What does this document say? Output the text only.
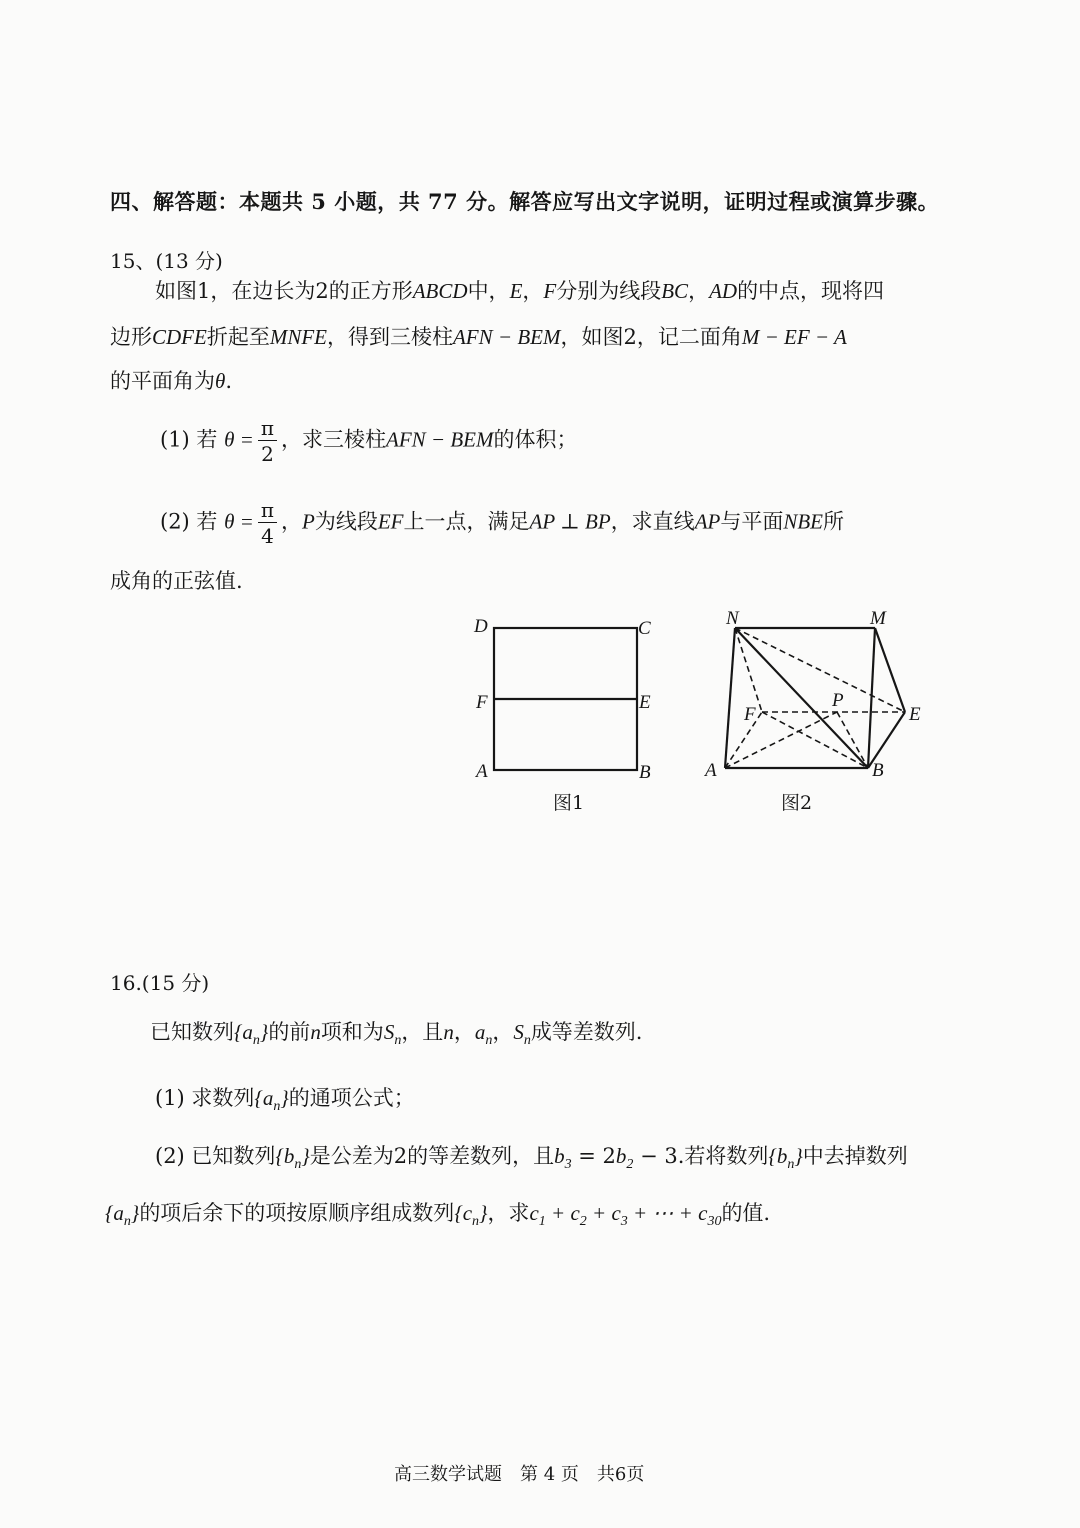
四、解答题：本题共 5 小题，共 77 分。解答应写出文字说明，证明过程或演算步骤。
15、(13 分)
如图1，在边长为2的正方形ABCD中，E，F分别为线段BC，AD的中点，现将四
边形CDFE折起至MNFE，得到三棱柱AFN − BEM，如图2，记二面角M − EF − A
的平面角为θ.
(1) 若 $\theta = \frac{\pi}{2}$ ，求三棱柱AFN − BEM的体积；
(2) 若 $\theta = \frac{\pi}{4}$ ，P为线段EF上一点，满足AP ⊥ BP，求直线AP与平面NBE所
成角的正弦值.
D	C
F	E
A	B
图1
N	M
F
P
E
A	B
图2
16.(15 分)
已知数列$\{a_n\}$的前n项和为$S_n$，且n，$a_n$，$S_n$成等差数列.
(1) 求数列$\{a_n\}$的通项公式；
(2) 已知数列$\{b_n\}$是公差为2的等差数列，且$b_3 = 2b_2 - 3$.若将数列$\{b_n\}$中去掉数列
$\{a_n\}$的项后余下的项按原顺序组成数列$\{c_n\}$，求$c_1 + c_2 + c_3$ + ⋯ + $c_{30}$的值.
高三数学试题　第 4 页　共6页
